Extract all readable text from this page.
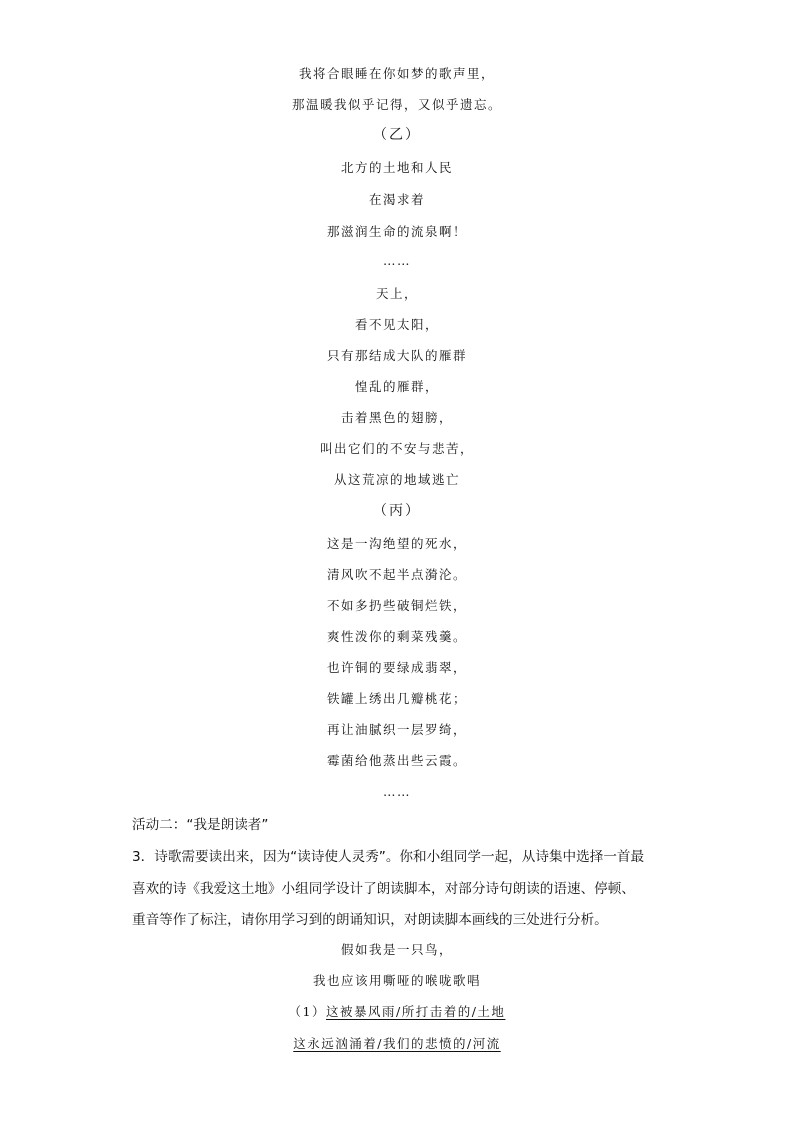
我将合眼睡在你如梦的歌声里，
那温暖我似乎记得，又似乎遗忘。
（乙）
北方的土地和人民
在渴求着
那滋润生命的流泉啊！
……
天上，
看不见太阳，
只有那结成大队的雁群
惶乱的雁群，
击着黑色的翅膀，
叫出它们的不安与悲苦，
从这荒凉的地域逃亡
（丙）
这是一沟绝望的死水，
清风吹不起半点漪沦。
不如多扔些破铜烂铁，
爽性泼你的剩菜残羹。
也许铜的要绿成翡翠，
铁罐上绣出几瓣桃花；
再让油腻织一层罗绮，
霉菌给他蒸出些云霞。
……
活动二：“我是朗读者”
3．诗歌需要读出来，因为“读诗使人灵秀”。你和小组同学一起，从诗集中选择一首最
喜欢的诗《我爱这土地》小组同学设计了朗读脚本，对部分诗句朗读的语速、停顿、
重音等作了标注，请你用学习到的朗诵知识，对朗读脚本画线的三处进行分析。
假如我是一只鸟，
我也应该用嘶哑的喉咙歌唱
（1）这被暴风雨/所打击着的/土地
这永远汹涌着/我们的悲愤的/河流
